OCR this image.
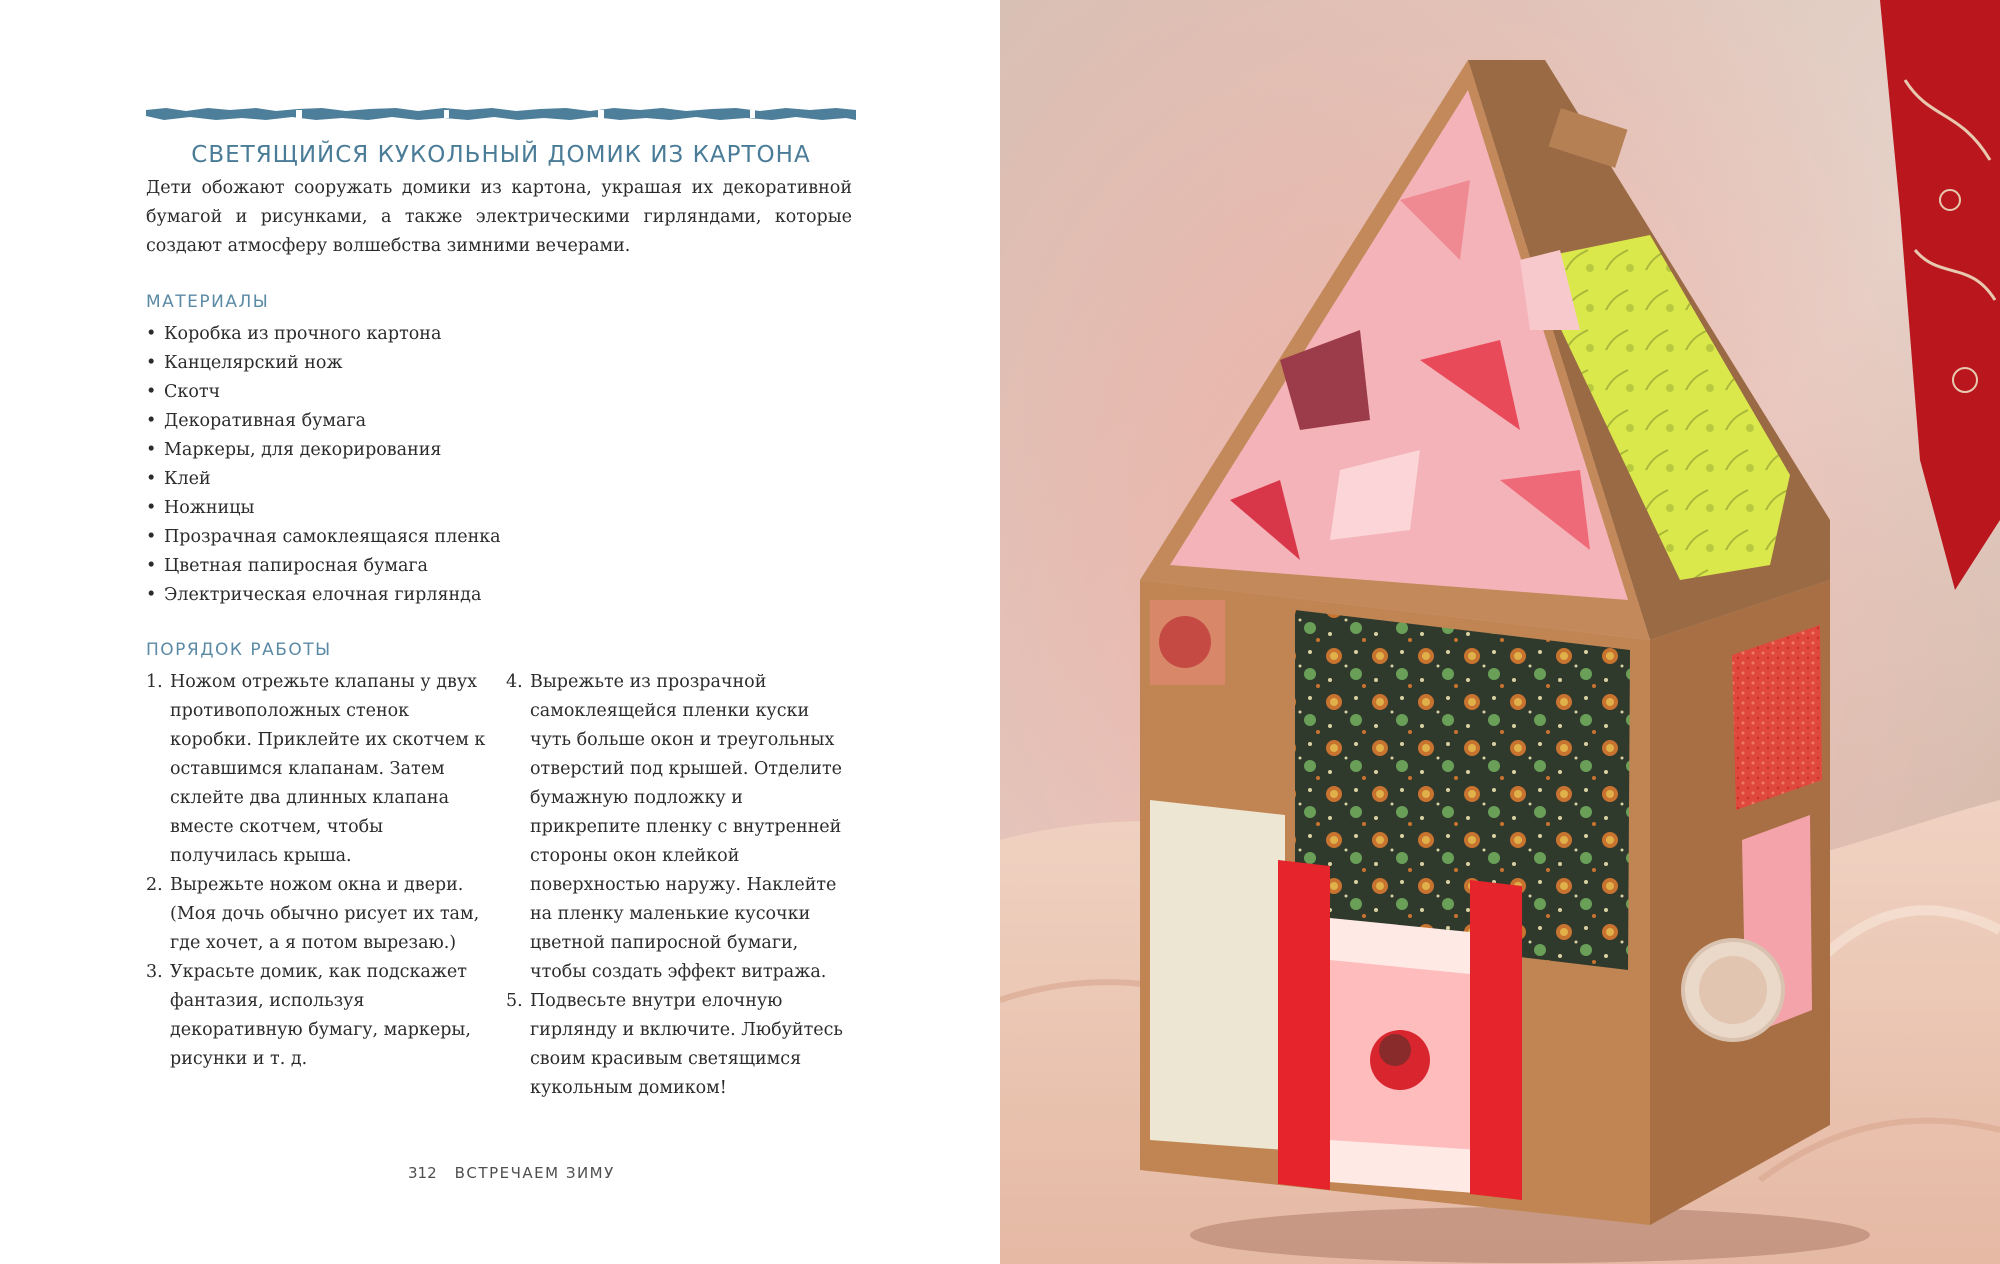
СВЕТЯЩИЙСЯ КУКОЛЬНЫЙ ДОМИК ИЗ КАРТОНА

Дети обожают сооружать домики из картона, украшая их декоративной бумагой и рисунками, а также электрическими гирляндами, которые создают атмосферу волшебства зимними вечерами.

МАТЕРИАЛЫ
• Коробка из прочного картона
• Канцелярский нож
• Скотч
• Декоративная бумага
• Маркеры, для декорирования
• Клей
• Ножницы
• Прозрачная самоклеящаяся пленка
• Цветная папиросная бумага
• Электрическая елочная гирлянда
ПОРЯДОК РАБОТЫ
1. Ножом отрежьте клапаны у двух противоположных стенок коробки. Приклейте их скотчем к оставшимся клапанам. Затем склейте два длинных клапана вместе скотчем, чтобы получилась крыша.
2. Вырежьте ножом окна и двери. (Моя дочь обычно рисует их там, где хочет, а я потом вырезаю.)
3. Украсьте домик, как подскажет фантазия, используя декоративную бумагу, маркеры, рисунки и т. д.
4. Вырежьте из прозрачной самоклеящейся пленки куски чуть больше окон и треугольных отверстий под крышей. Отделите бумажную подложку и прикрепите пленку с внутренней стороны окон клейкой поверхностью наружу. Наклейте на пленку маленькие кусочки цветной папиросной бумаги, чтобы создать эффект витража.
5. Подвесьте внутри елочную гирлянду и включите. Любуйтесь своим красивым светящимся кукольным домиком!
312 ВСТРЕЧАЕМ ЗИМУ
